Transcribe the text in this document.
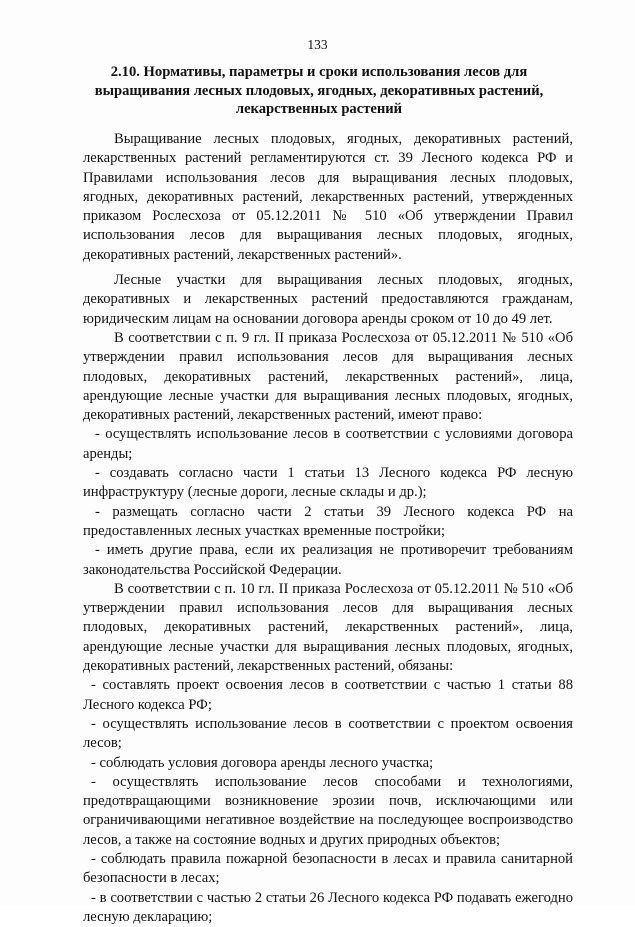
133
2.10. Нормативы, параметры и сроки использования лесов для выращивания лесных плодовых, ягодных, декоративных растений, лекарственных растений

Выращивание лесных плодовых, ягодных, декоративных растений, лекарственных растений регламентируются ст. 39 Лесного кодекса РФ и Правилами использования лесов для выращивания лесных плодовых, ягодных, декоративных растений, лекарственных растений, утвержденных приказом Рослесхоза от 05.12.2011 № 510 «Об утверждении Правил использования лесов для выращивания лесных плодовых, ягодных, декоративных растений, лекарственных растений».

Лесные участки для выращивания лесных плодовых, ягодных, декоративных и лекарственных растений предоставляются гражданам, юридическим лицам на основании договора аренды сроком от 10 до 49 лет.

В соответствии с п. 9 гл. II приказа Рослесхоза от 05.12.2011 № 510 «Об утверждении правил использования лесов для выращивания лесных плодовых, декоративных растений, лекарственных растений», лица, арендующие лесные участки для выращивания лесных плодовых, ягодных, декоративных растений, лекарственных растений, имеют право:

- осуществлять использование лесов в соответствии с условиями договора аренды;

- создавать согласно части 1 статьи 13 Лесного кодекса РФ лесную инфраструктуру (лесные дороги, лесные склады и др.);

- размещать согласно части 2 статьи 39 Лесного кодекса РФ на предоставленных лесных участках временные постройки;

- иметь другие права, если их реализация не противоречит требованиям законодательства Российской Федерации.

В соответствии с п. 10 гл. II приказа Рослесхоза от 05.12.2011 № 510 «Об утверждении правил использования лесов для выращивания лесных плодовых, декоративных растений, лекарственных растений», лица, арендующие лесные участки для выращивания лесных плодовых, ягодных, декоративных растений, лекарственных растений, обязаны:

- составлять проект освоения лесов в соответствии с частью 1 статьи 88 Лесного кодекса РФ;

- осуществлять использование лесов в соответствии с проектом освоения лесов;

- соблюдать условия договора аренды лесного участка;

- осуществлять использование лесов способами и технологиями, предотвращающими возникновение эрозии почв, исключающими или ограничивающими негативное воздействие на последующее воспроизводство лесов, а также на состояние водных и других природных объектов;

- соблюдать правила пожарной безопасности в лесах и правила санитарной безопасности в лесах;

- в соответствии с частью 2 статьи 26 Лесного кодекса РФ подавать ежегодно лесную декларацию;
